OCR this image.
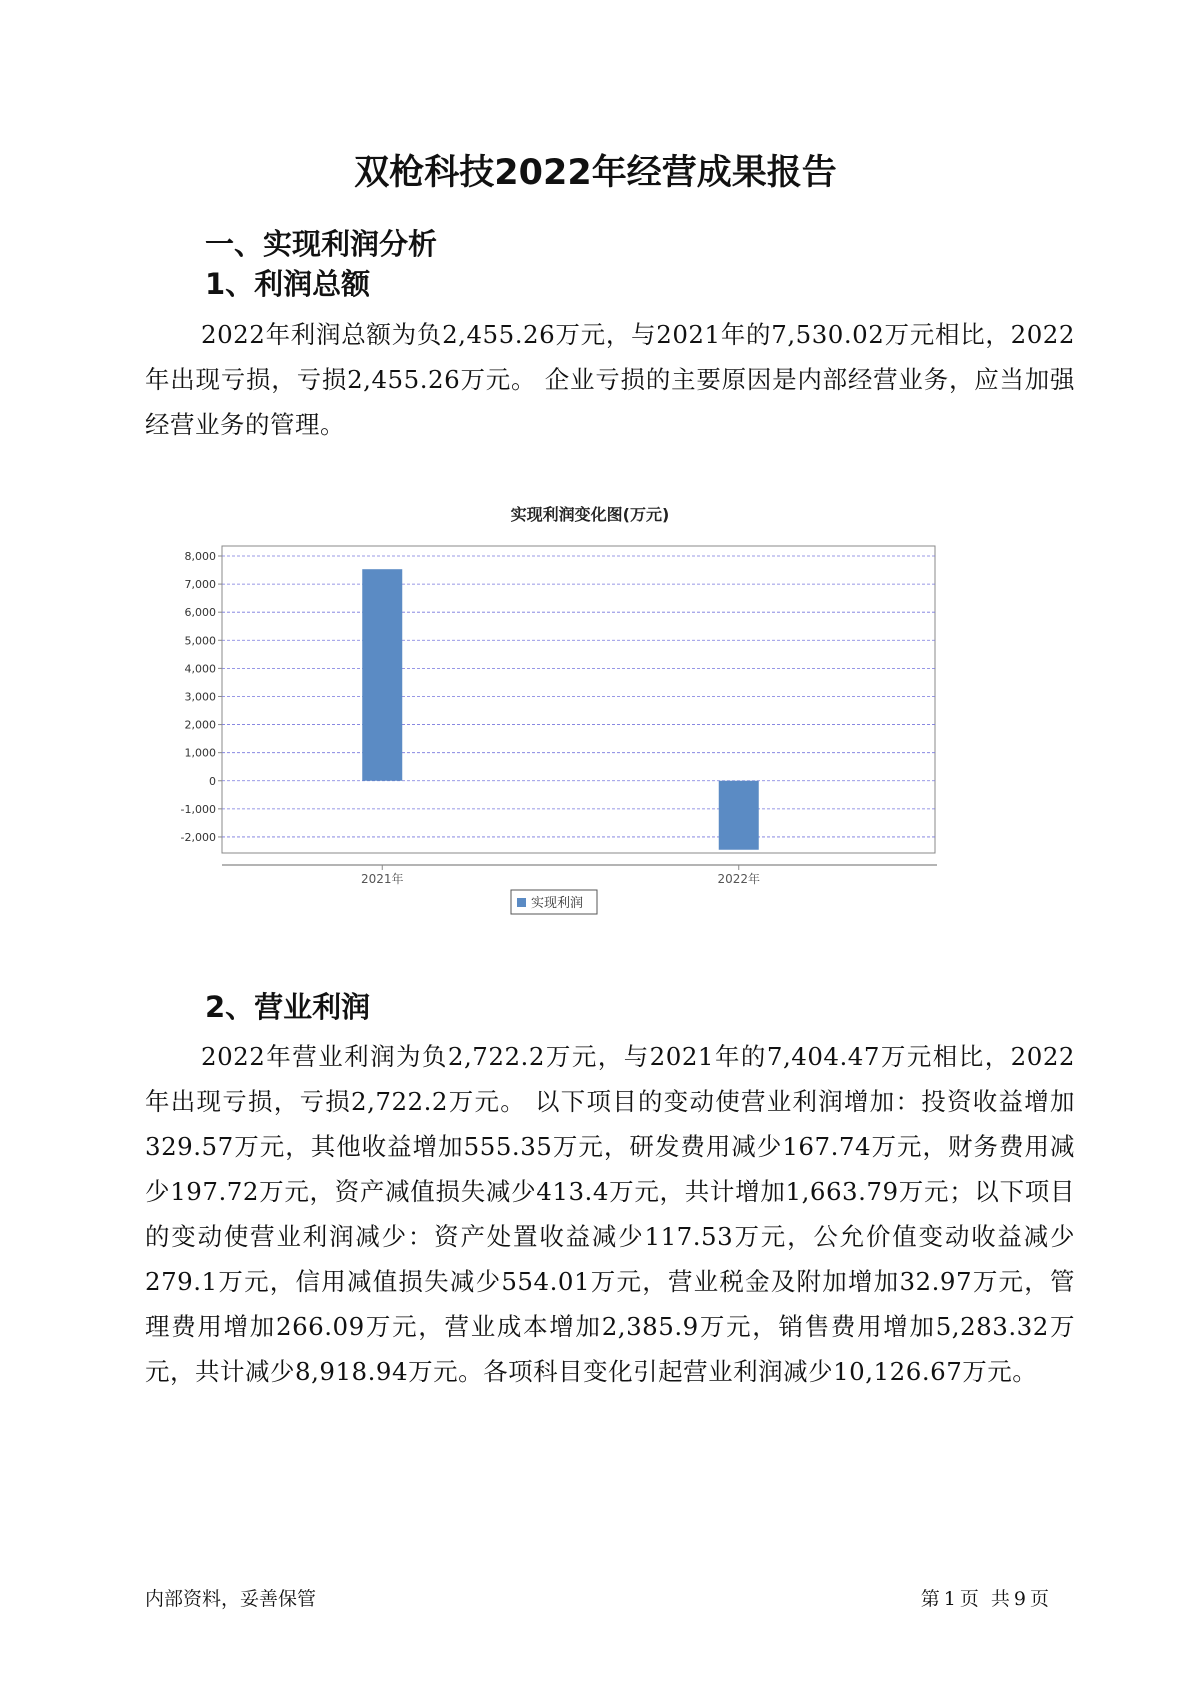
双枪科技2022年经营成果报告
一、实现利润分析
1、利润总额

2022年利润总额为负2,455.26万元，与2021年的7,530.02万元相比，2022年出现亏损，亏损2,455.26万元。 企业亏损的主要原因是内部经营业务，应当加强经营业务的管理。

实现利润变化图(万元)
8,000
7,000
6,000
5,000
4,000
3,000
2,000
1,000
0
-1,000
-2,000
2021年	2022年
实现利润
2、营业利润

2022年营业利润为负2,722.2万元，与2021年的7,404.47万元相比，2022年出现亏损，亏损2,722.2万元。 以下项目的变动使营业利润增加：投资收益增加329.57万元，其他收益增加555.35万元，研发费用减少167.74万元，财务费用减少197.72万元，资产减值损失减少413.4万元，共计增加1,663.79万元；以下项目的变动使营业利润减少：资产处置收益减少117.53万元，公允价值变动收益减少279.1万元，信用减值损失减少554.01万元，营业税金及附加增加32.97万元，管理费用增加266.09万元，营业成本增加2,385.9万元，销售费用增加5,283.32万元，共计减少8,918.94万元。各项科目变化引起营业利润减少10,126.67万元。

内部资料，妥善保管	第 1 页 共 9 页
